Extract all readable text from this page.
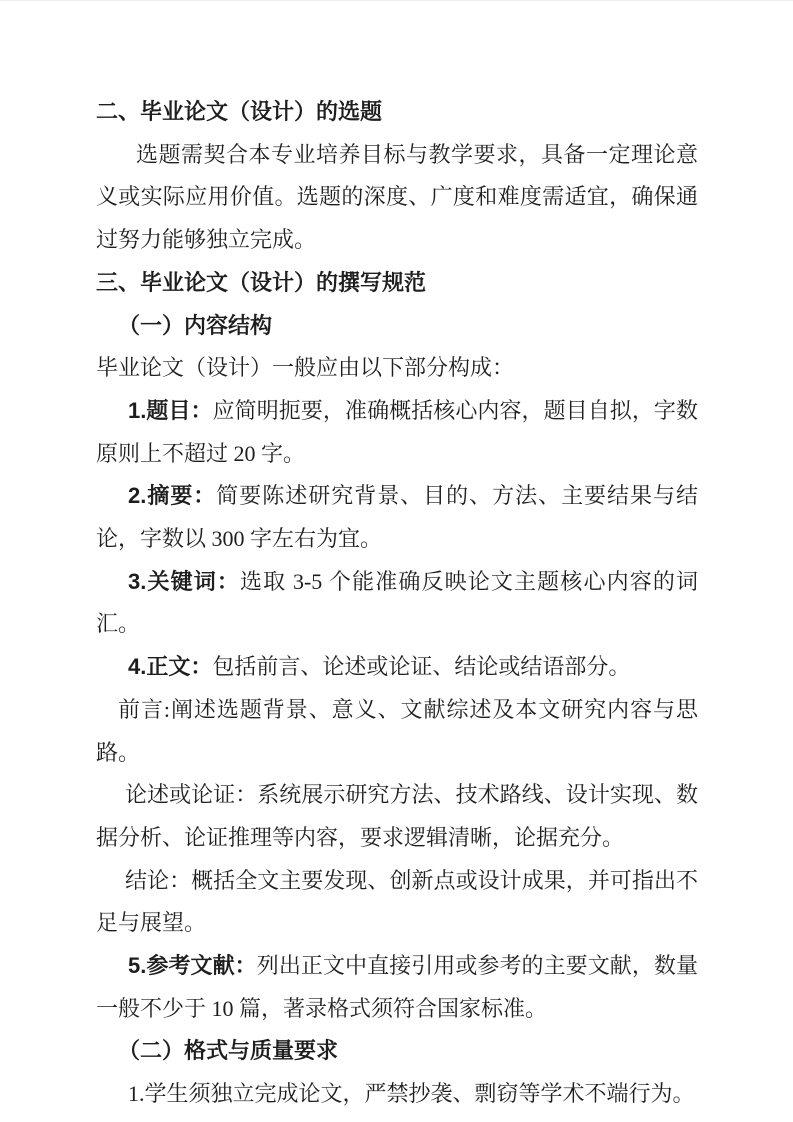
二、毕业论文（设计）的选题

选题需契合本专业培养目标与教学要求，具备一定理论意义或实际应用价值。选题的深度、广度和难度需适宜，确保通过努力能够独立完成。

三、毕业论文（设计）的撰写规范

（一）内容结构

毕业论文（设计）一般应由以下部分构成：

1.题目：应简明扼要，准确概括核心内容，题目自拟，字数原则上不超过 20 字。

2.摘要：简要陈述研究背景、目的、方法、主要结果与结论，字数以 300 字左右为宜。

3.关键词：选取 3-5 个能准确反映论文主题核心内容的词汇。

4.正文：包括前言、论述或论证、结论或结语部分。

前言:阐述选题背景、意义、文献综述及本文研究内容与思路。

论述或论证：系统展示研究方法、技术路线、设计实现、数据分析、论证推理等内容，要求逻辑清晰，论据充分。

结论：概括全文主要发现、创新点或设计成果，并可指出不足与展望。

5.参考文献：列出正文中直接引用或参考的主要文献，数量一般不少于 10 篇，著录格式须符合国家标准。

（二）格式与质量要求

1.学生须独立完成论文，严禁抄袭、剽窃等学术不端行为。
